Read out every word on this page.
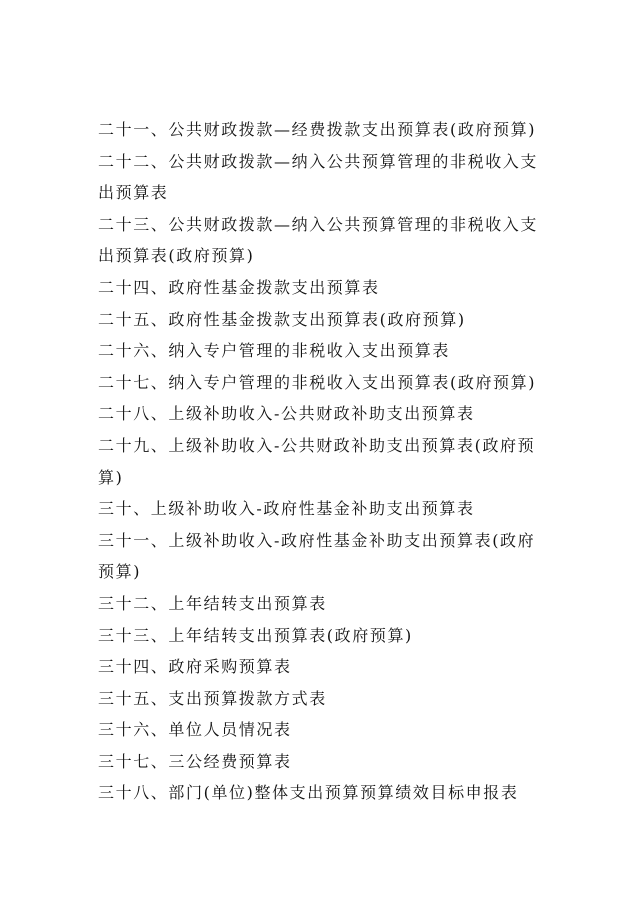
二十一、公共财政拨款—经费拨款支出预算表(政府预算)
二十二、公共财政拨款—纳入公共预算管理的非税收入支出预算表
二十三、公共财政拨款—纳入公共预算管理的非税收入支出预算表(政府预算)
二十四、政府性基金拨款支出预算表
二十五、政府性基金拨款支出预算表(政府预算)
二十六、纳入专户管理的非税收入支出预算表
二十七、纳入专户管理的非税收入支出预算表(政府预算)
二十八、上级补助收入-公共财政补助支出预算表
二十九、上级补助收入-公共财政补助支出预算表(政府预算)
三十、上级补助收入-政府性基金补助支出预算表
三十一、上级补助收入-政府性基金补助支出预算表(政府预算)
三十二、上年结转支出预算表
三十三、上年结转支出预算表(政府预算)
三十四、政府采购预算表
三十五、支出预算拨款方式表
三十六、单位人员情况表
三十七、三公经费预算表
三十八、部门(单位)整体支出预算预算绩效目标申报表
